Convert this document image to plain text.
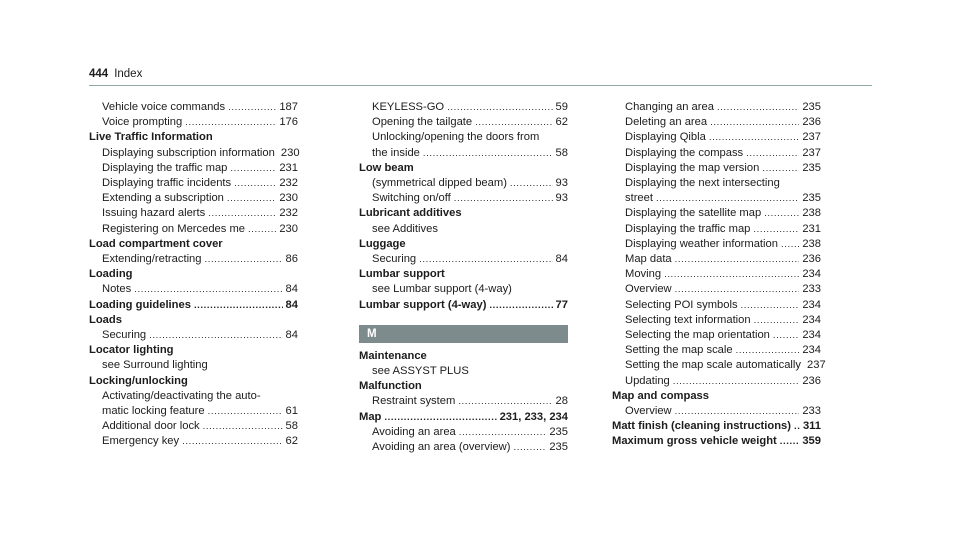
444 Index
Vehicle voice commands .....	187
Voice prompting .....	176
Live Traffic Information
Displaying subscription information 230
Displaying the traffic map .....	231
Displaying traffic incidents .....	232
Extending a subscription .....	230
Issuing hazard alerts .....	232
Registering on Mercedes me .....	230
Load compartment cover
Extending/retracting .....	86
Loading
Notes .....	84
Loading guidelines .....	84
Loads
Securing .....	84
Locator lighting
see Surround lighting
Locking/unlocking
Activating/deactivating the auto-
matic locking feature .....	61
Additional door lock .....	58
Emergency key .....	62
KEYLESS-GO .....	59
Opening the tailgate .....	62
Unlocking/opening the doors from
the inside .....	58
Low beam
(symmetrical dipped beam) .....	93
Switching on/off .....	93
Lubricant additives
see Additives
Luggage
Securing .....	84
Lumbar support
see Lumbar support (4-way)
Lumbar support (4-way) .....	77
M
Maintenance
see ASSYST PLUS
Malfunction
Restraint system .....	28
Map .....	231, 233, 234
Avoiding an area .....	235
Avoiding an area (overview) .....	235
Changing an area .....	235
Deleting an area .....	236
Displaying Qibla .....	237
Displaying the compass .....	237
Displaying the map version .....	235
Displaying the next intersecting
street .....	235
Displaying the satellite map .....	238
Displaying the traffic map .....	231
Displaying weather information ..... 238
Map data .....	236
Moving .....	234
Overview .....	233
Selecting POI symbols .....	234
Selecting text information .....	234
Selecting the map orientation .....	234
Setting the map scale .....	234
Setting the map scale automatically 237
Updating .....	236
Map and compass
Overview .....	233
Matt finish (cleaning instructions) ..... 311
Maximum gross vehicle weight ..... 359
